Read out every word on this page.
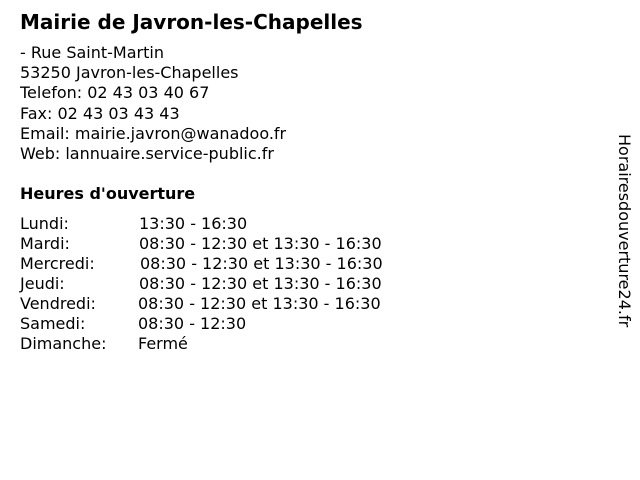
Mairie de Javron-les-Chapelles
- Rue Saint-Martin
53250 Javron-les-Chapelles
Telefon: 02 43 03 40 67
Fax: 02 43 03 43 43
Email: mairie.javron@wanadoo.fr
Web: lannuaire.service-public.fr
Heures d'ouverture
Lundi:	13:30 - 16:30
Mardi:	08:30 - 12:30 et 13:30 - 16:30
Mercredi:	08:30 - 12:30 et 13:30 - 16:30
Jeudi:	08:30 - 12:30 et 13:30 - 16:30
Vendredi:	08:30 - 12:30 et 13:30 - 16:30
Samedi:	08:30 - 12:30
Dimanche: Fermé
Horairesdouverture24.fr
